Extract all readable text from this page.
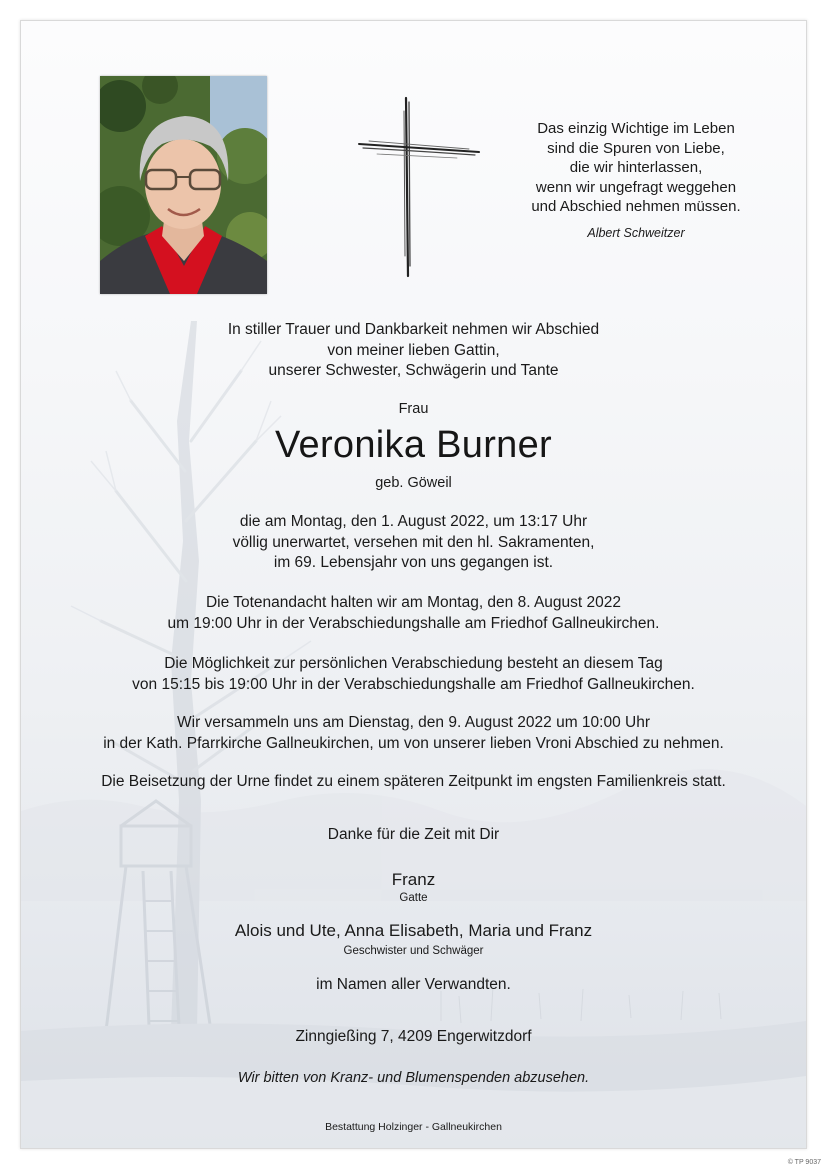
Das einzig Wichtige im Leben
sind die Spuren von Liebe,
die wir hinterlassen,
wenn wir ungefragt weggehen
und Abschied nehmen müssen.
Albert Schweitzer
In stiller Trauer und Dankbarkeit nehmen wir Abschied
von meiner lieben Gattin,
unserer Schwester, Schwägerin und Tante
Frau
Veronika Burner
geb. Göweil
die am Montag, den 1. August 2022, um 13:17 Uhr
völlig unerwartet, versehen mit den hl. Sakramenten,
im 69. Lebensjahr von uns gegangen ist.
Die Totenandacht halten wir am Montag, den 8. August 2022
um 19:00 Uhr in der Verabschiedungshalle am Friedhof Gallneukirchen.
Die Möglichkeit zur persönlichen Verabschiedung besteht an diesem Tag
von 15:15 bis 19:00 Uhr in der Verabschiedungshalle am Friedhof Gallneukirchen.
Wir versammeln uns am Dienstag, den 9. August 2022 um 10:00 Uhr
in der Kath. Pfarrkirche Gallneukirchen, um von unserer lieben Vroni Abschied zu nehmen.
Die Beisetzung der Urne findet zu einem späteren Zeitpunkt im engsten Familienkreis statt.
Danke für die Zeit mit Dir
Franz
Gatte
Alois und Ute, Anna Elisabeth, Maria und Franz
Geschwister und Schwäger
im Namen aller Verwandten.
Zinngießing 7, 4209 Engerwitzdorf
Wir bitten von Kranz- und Blumenspenden abzusehen.
Bestattung Holzinger - Gallneukirchen
© TP 9037
